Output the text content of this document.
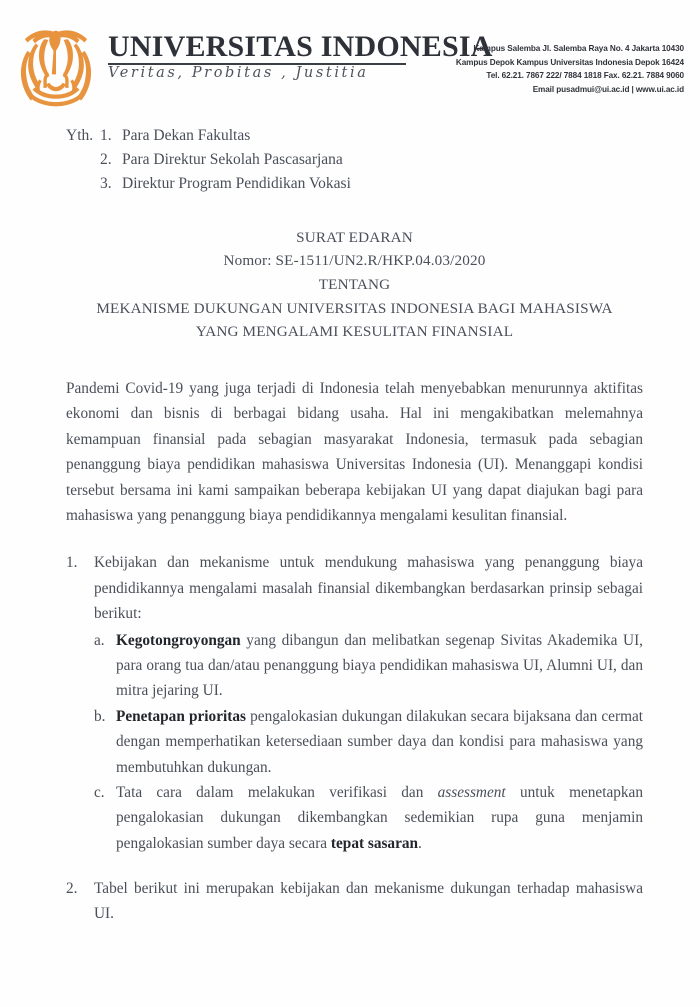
UNIVERSITAS INDONESIA
Veritas, Probitas , Justitia
Kampus Salemba Jl. Salemba Raya No. 4 Jakarta 10430
Kampus Depok Kampus Universitas Indonesia Depok 16424
Tel. 62.21. 7867 222/ 7884 1818 Fax. 62.21. 7884 9060
Email pusadmui@ui.ac.id | www.ui.ac.id
Yth. 1. Para Dekan Fakultas
2. Para Direktur Sekolah Pascasarjana
3. Direktur Program Pendidikan Vokasi
SURAT EDARAN
Nomor: SE-1511/UN2.R/HKP.04.03/2020
TENTANG
MEKANISME DUKUNGAN UNIVERSITAS INDONESIA BAGI MAHASISWA
YANG MENGALAMI KESULITAN FINANSIAL
Pandemi Covid-19 yang juga terjadi di Indonesia telah menyebabkan menurunnya aktifitas ekonomi dan bisnis di berbagai bidang usaha. Hal ini mengakibatkan melemahnya kemampuan finansial pada sebagian masyarakat Indonesia, termasuk pada sebagian penanggung biaya pendidikan mahasiswa Universitas Indonesia (UI). Menanggapi kondisi tersebut bersama ini kami sampaikan beberapa kebijakan UI yang dapat diajukan bagi para mahasiswa yang penanggung biaya pendidikannya mengalami kesulitan finansial.
1.	Kebijakan dan mekanisme untuk mendukung mahasiswa yang penanggung biaya pendidikannya mengalami masalah finansial dikembangkan berdasarkan prinsip sebagai berikut:
a. Kegotongroyongan yang dibangun dan melibatkan segenap Sivitas Akademika UI, para orang tua dan/atau penanggung biaya pendidikan mahasiswa UI, Alumni UI, dan mitra jejaring UI.
b. Penetapan prioritas pengalokasian dukungan dilakukan secara bijaksana dan cermat dengan memperhatikan ketersediaan sumber daya dan kondisi para mahasiswa yang membutuhkan dukungan.
c. Tata cara dalam melakukan verifikasi dan assessment untuk menetapkan pengalokasian dukungan dikembangkan sedemikian rupa guna menjamin pengalokasian sumber daya secara tepat sasaran.
2.	Tabel berikut ini merupakan kebijakan dan mekanisme dukungan terhadap mahasiswa UI.
